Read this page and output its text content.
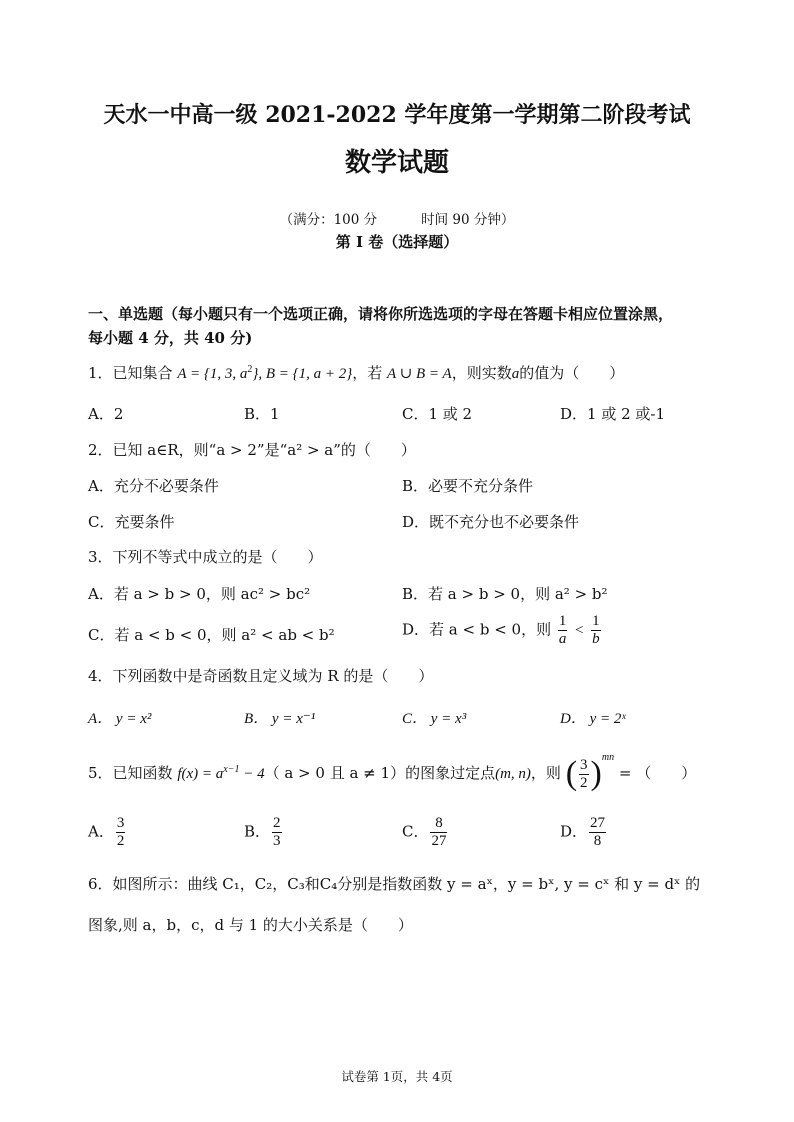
天水一中高一级 2021-2022 学年度第一学期第二阶段考试
数学试题
（满分：100 分	时间 90 分钟）
第 I 卷（选择题）
一、单选题（每小题只有一个选项正确，请将你所选选项的字母在答题卡相应位置涂黑，
每小题 4 分，共 40 分)
1．已知集合 A = {1, 3, $a^2$}, B = {1, a + 2}，若 A ∪ B = A，则实数a的值为（　　）
A．2	B．1	C．1 或 2	D．1 或 2 或-1
2．已知 a∈R，则“a > 2”是“a² > a”的（　　）
A．充分不必要条件	B．必要不充分条件
C．充要条件	D．既不充分也不必要条件
3．下列不等式中成立的是（　　）
A．若 a > b > 0，则 ac² > bc²	B．若 a > b > 0，则 a² > b²
C．若 a < b < 0，则 a² < ab < b²	D．若 a < b < 0，则 $\frac{1}{a} < \frac{1}{b}$
4．下列函数中是奇函数且定义域为 R 的是（　　）
A． y = x²	B． y = x⁻¹	C． y = x³	D． y = 2ˣ
5．已知函数 $f(x) = a^{x-1} - 4$（ a > 0 且 a ≠ 1）的图象过定点(m, n)，则 ( $\frac{3}{2} )^{mn}$ = （　　）
A． $\frac{3}{2}$	B． $\frac{2}{3}$	C． $\frac{8}{27}$	D． $\frac{27}{8}$
6．如图所示：曲线 C₁，C₂，C₃和C₄分别是指数函数 y = aˣ，y = bˣ, y = cˣ 和 y = dˣ 的
图象,则 a，b，c，d 与 1 的大小关系是（　　）
试卷第 1页，共 4页
